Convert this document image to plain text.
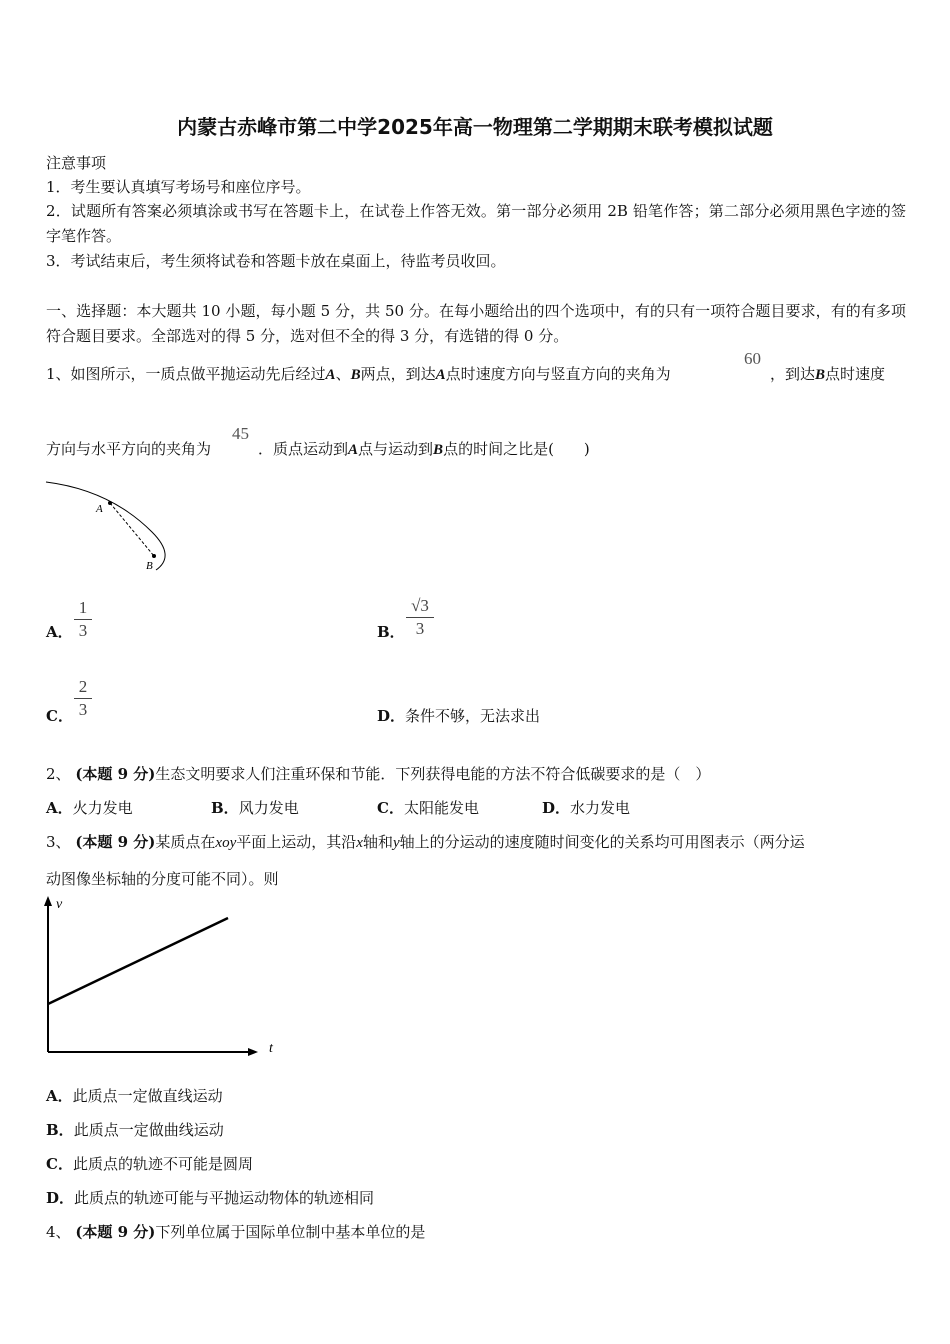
内蒙古赤峰市第二中学2025年高一物理第二学期期末联考模拟试题
注意事项
1．考生要认真填写考场号和座位序号。
2．试题所有答案必须填涂或书写在答题卡上，在试卷上作答无效。第一部分必须用 2B 铅笔作答；第二部分必须用黑色字迹的签字笔作答。
3．考试结束后，考生须将试卷和答题卡放在桌面上，待监考员收回。
一、选择题：本大题共 10 小题，每小题 5 分，共 50 分。在每小题给出的四个选项中，有的只有一项符合题目要求，有的有多项符合题目要求。全部选对的得 5 分，选对但不全的得 3 分，有选错的得 0 分。
1、如图所示，一质点做平抛运动先后经过A、B两点，到达A点时速度方向与竖直方向的夹角为
60
，到达B点时速度
方向与水平方向的夹角为
45
．质点运动到A点与运动到B点的时间之比是(　　)
A
B
A．
1
3	B．
√3
3
C．
2
3	D．条件不够，无法求出
2、 (本题 9 分)生态文明要求人们注重环保和节能．下列获得电能的方法不符合低碳要求的是（　）
A．火力发电	B．风力发电	C．太阳能发电	D．水力发电
3、 (本题 9 分)某质点在xoy平面上运动，其沿x轴和y轴上的分运动的速度随时间变化的关系均可用图表示（两分运
动图像坐标轴的分度可能不同）。则
v
t
A．此质点一定做直线运动
B．此质点一定做曲线运动
C．此质点的轨迹不可能是圆周
D．此质点的轨迹可能与平抛运动物体的轨迹相同
4、 (本题 9 分)下列单位属于国际单位制中基本单位的是
